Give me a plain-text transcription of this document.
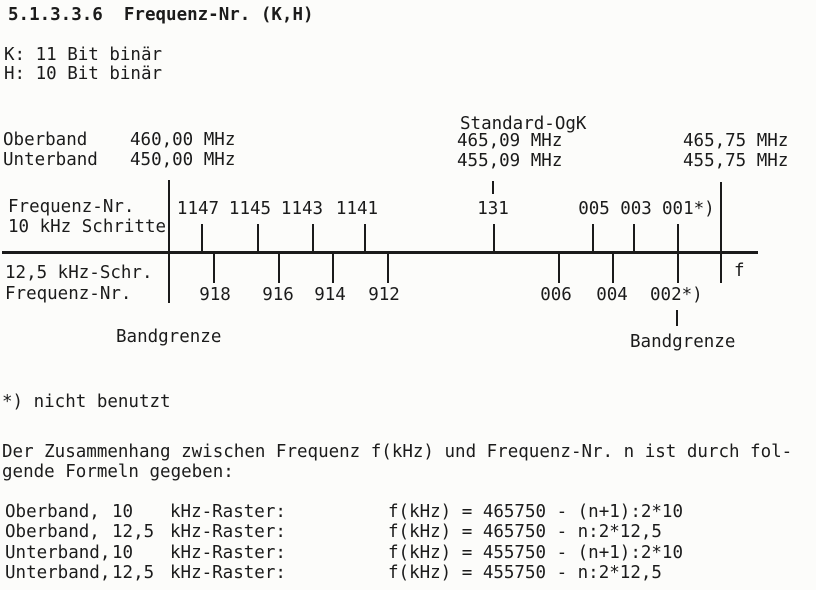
5.1.3.3.6  Frequenz-Nr. (K,H)
K: 11 Bit binär
H: 10 Bit binär
Standard-OgK
Oberband 460,00 MHz	465,09 MHz	465,75 MHz
Unterband 450,00 MHz	455,09 MHz	455,75 MHz
Frequenz-Nr.
10 kHz Schritte
12,5 kHz-Schr.
Frequenz-Nr.
1147 1145 1143 1141	131	005 003 001*)
918 916 914 912	006 004 002*)
f
Bandgrenze	Bandgrenze
*) nicht benutzt
Der Zusammenhang zwischen Frequenz f(kHz) und Frequenz-Nr. n ist durch fol-
gende Formeln gegeben:
Oberband, 10 kHz-Raster:	f(kHz) = 465750 - (n+1):2*10
Oberband, 12,5 kHz-Raster:	f(kHz) = 465750 - n:2*12,5
Unterband, 10 kHz-Raster:	f(kHz) = 455750 - (n+1):2*10
Unterband, 12,5 kHz-Raster:	f(kHz) = 455750 - n:2*12,5
